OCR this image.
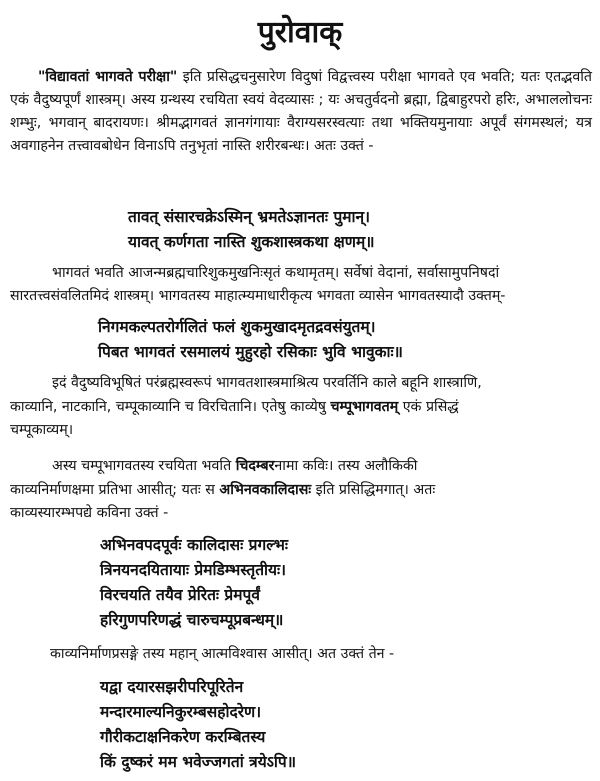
पुरोवाक्
"विद्यावतां भागवते परीक्षा" इति प्रसिद्धचनुसारेण विदुषां विद्वत्त्वस्य परीक्षा भागवते एव भवति; यतः एतद्भवति एकं वैदुष्यपूर्णं शास्त्रम्। अस्य ग्रन्थस्य रचयिता स्वयं वेदव्यासः ; यः अचतुर्वदनो ब्रह्मा, द्विबाहुरपरो हरिः, अभाललोचनः शम्भुः, भगवान् बादरायणः। श्रीमद्भागवतं ज्ञानगंगायाः वैराग्यसरस्वत्याः तथा भक्तियमुनायाः अपूर्वं संगमस्थलं; यत्र अवगाहनेन तत्त्वावबोधेन विनाऽपि तनुभृतां नास्ति शरीरबन्धः। अतः उक्तं -
तावत् संसारचक्रेऽस्मिन् भ्रमतेऽज्ञानतः पुमान्।
यावत् कर्णगता नास्ति शुकशास्त्रकथा क्षणम्॥
भागवतं भवति आजन्मब्रह्मचारिशुकमुखनिःसृतं कथामृतम्। सर्वेषां वेदानां, सर्वासामुपनिषदां
सारतत्त्वसंवलितमिदं शास्त्रम्। भागवतस्य माहात्म्यमाधारीकृत्य भगवता व्यासेन भागवतस्यादौ उक्तम्-
निगमकल्पतरोर्गलितं फलं शुकमुखादमृतद्रवसंयुतम्।
पिबत भागवतं रसमालयं मुहुरहो रसिकाः भुवि भावुकाः॥
इदं वैदुष्यविभूषितं परंब्रह्मस्वरूपं भागवतशास्त्रमाश्रित्य परवर्तिनि काले बहूनि शास्त्राणि,
काव्यानि, नाटकानि, चम्पूकाव्यानि च विरचितानि। एतेषु काव्येषु चम्पूभागवतम् एकं प्रसिद्धं
चम्पूकाव्यम्।
अस्य चम्पूभागवतस्य रचयिता भवति चिदम्बरनामा कविः। तस्य अलौकिकी
काव्यनिर्माणक्षमा प्रतिभा आसीत्; यतः स अभिनवकालिदासः इति प्रसिद्धिमगात्। अतः
काव्यस्यारम्भपद्ये कविना उक्तं -
अभिनवपदपूर्वः कालिदासः प्रगल्भः
त्रिनयनदयितायाः प्रेमडिम्भस्तृतीयः।
विरचयति तयैव प्रेरितः प्रेमपूर्वं
हरिगुणपरिणद्धं चारुचम्पूप्रबन्धम्॥
काव्यनिर्माणप्रसङ्गे तस्य महान् आत्मविश्वास आसीत्। अत उक्तं तेन -
यद्वा दयारसझरीपरिपूरितेन
मन्दारमाल्यनिकुरम्बसहोदरेण।
गौरीकटाक्षनिकरेण करम्बितस्य
किं दुष्करं मम भवेज्जगतां त्रयेऽपि॥
